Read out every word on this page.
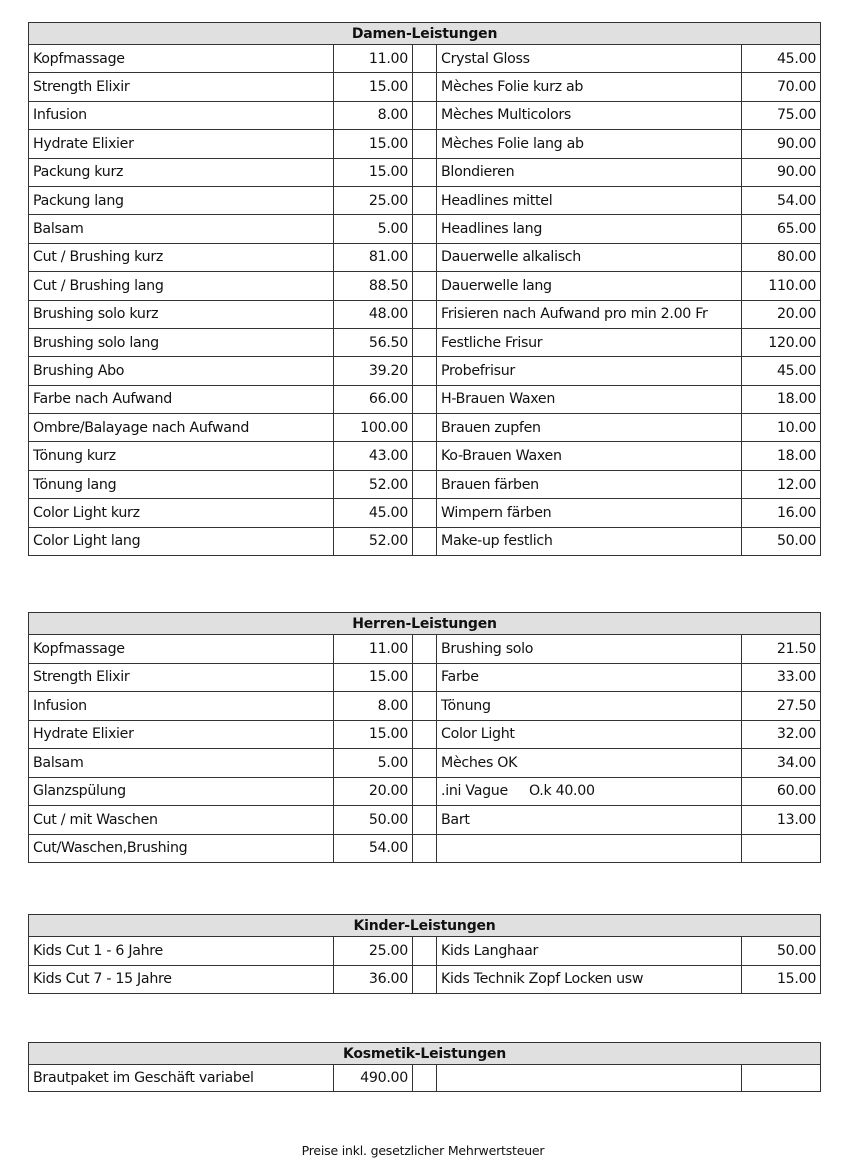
Damen-Leistungen				
Kopfmassage	11.00		Crystal Gloss	45.00
Strength Elixir	15.00		Mèches Folie kurz ab	70.00
Infusion	8.00		Mèches Multicolors	75.00
Hydrate Elixier	15.00		Mèches Folie lang ab	90.00
Packung kurz	15.00		Blondieren	90.00
Packung lang	25.00		Headlines mittel	54.00
Balsam	5.00		Headlines lang	65.00
Cut / Brushing kurz	81.00		Dauerwelle alkalisch	80.00
Cut / Brushing lang	88.50		Dauerwelle lang	110.00
Brushing solo kurz	48.00		Frisieren nach Aufwand pro min 2.00 Fr	20.00
Brushing solo lang	56.50		Festliche Frisur	120.00
Brushing Abo	39.20		Probefrisur	45.00
Farbe nach Aufwand	66.00		H-Brauen Waxen	18.00
Ombre/Balayage nach Aufwand	100.00		Brauen zupfen	10.00
Tönung kurz	43.00		Ko-Brauen Waxen	18.00
Tönung lang	52.00		Brauen färben	12.00
Color Light kurz	45.00		Wimpern färben	16.00
Color Light lang	52.00		Make-up festlich	50.00
Herren-Leistungen				
Kopfmassage	11.00		Brushing solo	21.50
Strength Elixir	15.00		Farbe	33.00
Infusion	8.00		Tönung	27.50
Hydrate Elixier	15.00		Color Light	32.00
Balsam	5.00		Mèches OK	34.00
Glanzspülung	20.00		.ini Vague     O.k 40.00	60.00
Cut / mit Waschen	50.00		Bart	13.00
Cut/Waschen,Brushing	54.00			
Kinder-Leistungen				
Kids Cut 1 - 6 Jahre	25.00		Kids Langhaar	50.00
Kids Cut 7 - 15 Jahre	36.00		Kids Technik Zopf Locken usw	15.00
Kosmetik-Leistungen
Brautpaket im Geschäft variabel	490.00			
Preise inkl. gesetzlicher Mehrwertsteuer
